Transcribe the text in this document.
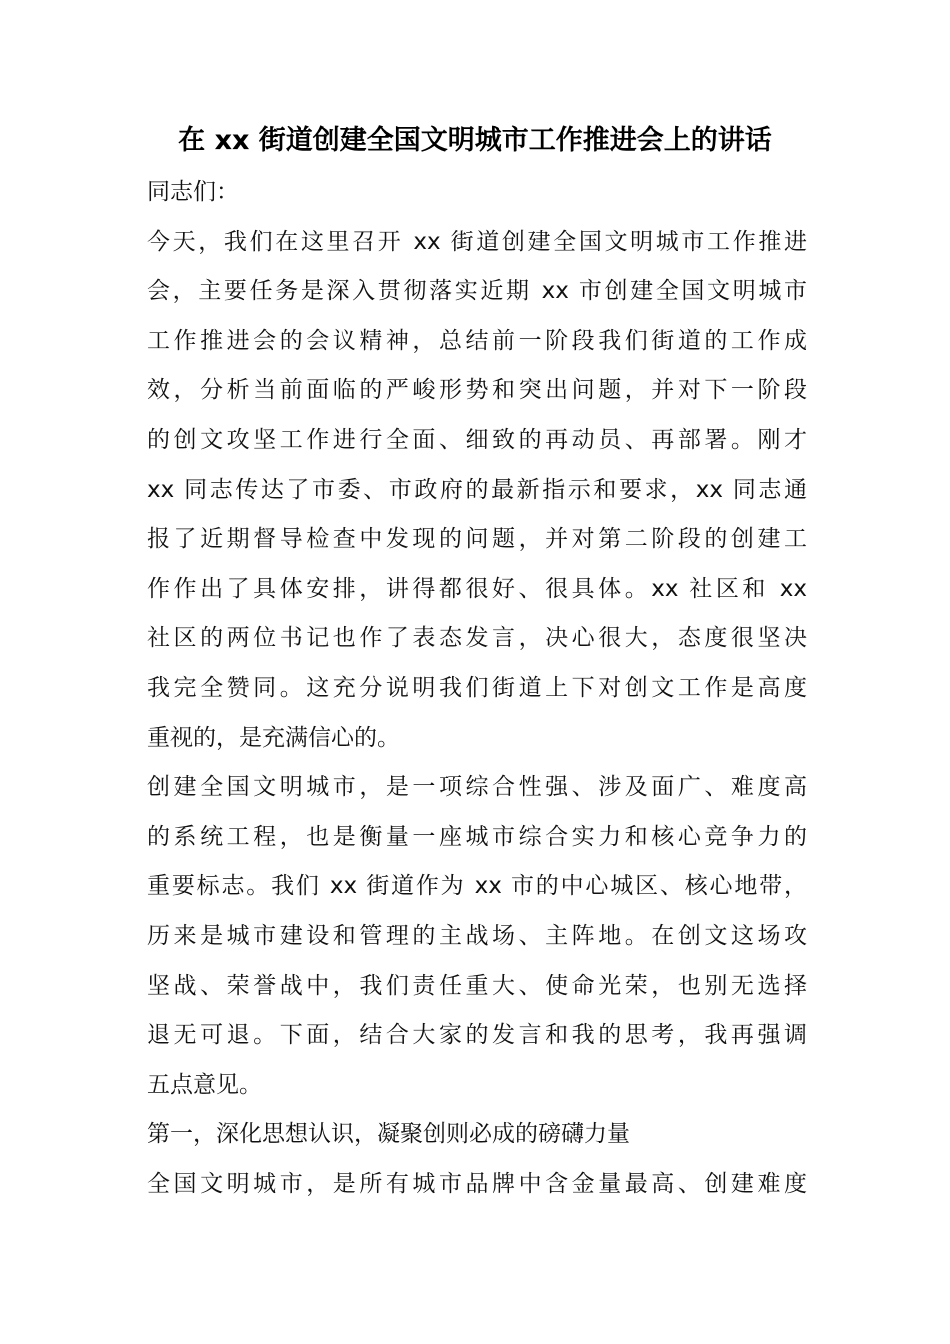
在 xx 街道创建全国文明城市工作推进会上的讲话
同志们：
今天，我们在这里召开 xx 街道创建全国文明城市工作推进
会，主要任务是深入贯彻落实近期 xx 市创建全国文明城市
工作推进会的会议精神，总结前一阶段我们街道的工作成
效，分析当前面临的严峻形势和突出问题，并对下一阶段
的创文攻坚工作进行全面、细致的再动员、再部署。刚才
xx 同志传达了市委、市政府的最新指示和要求，xx 同志通
报了近期督导检查中发现的问题，并对第二阶段的创建工
作作出了具体安排，讲得都很好、很具体。xx 社区和 xx
社区的两位书记也作了表态发言，决心很大，态度很坚决
我完全赞同。这充分说明我们街道上下对创文工作是高度
重视的，是充满信心的。
创建全国文明城市，是一项综合性强、涉及面广、难度高
的系统工程，也是衡量一座城市综合实力和核心竞争力的
重要标志。我们 xx 街道作为 xx 市的中心城区、核心地带，
历来是城市建设和管理的主战场、主阵地。在创文这场攻
坚战、荣誉战中，我们责任重大、使命光荣，也别无选择
退无可退。下面，结合大家的发言和我的思考，我再强调
五点意见。
第一，深化思想认识，凝聚创则必成的磅礴力量
全国文明城市，是所有城市品牌中含金量最高、创建难度
